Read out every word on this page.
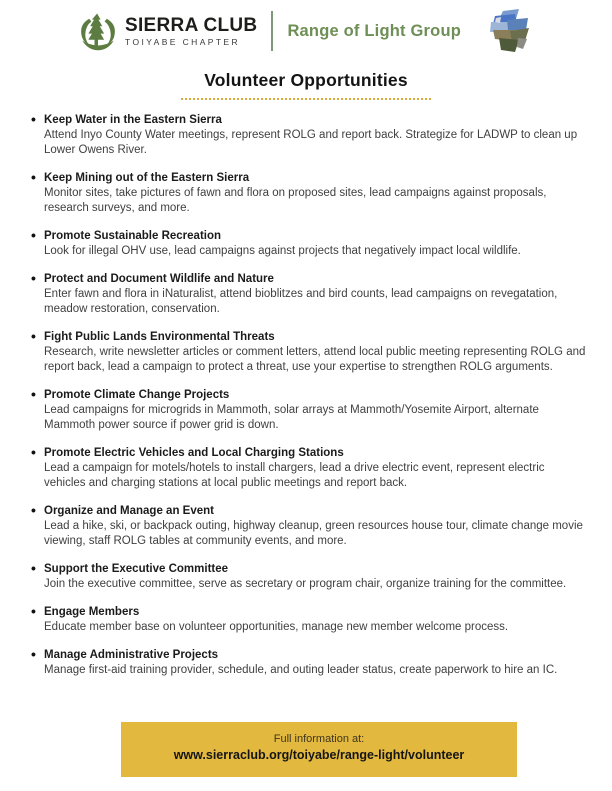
SIERRA CLUB
TOIYABE CHAPTER
Range of Light Group
Volunteer Opportunities
• Keep Water in the Eastern Sierra
Attend Inyo County Water meetings, represent ROLG and report back. Strategize for LADWP to clean up Lower Owens River.
• Keep Mining out of the Eastern Sierra
Monitor sites, take pictures of fawn and flora on proposed sites, lead campaigns against proposals, research surveys, and more.
• Promote Sustainable Recreation
Look for illegal OHV use, lead campaigns against projects that negatively impact local wildlife.
• Protect and Document Wildlife and Nature
Enter fawn and flora in iNaturalist, attend bioblitzes and bird counts, lead campaigns on revegatation, meadow restoration, conservation.
• Fight Public Lands Environmental Threats
Research, write newsletter articles or comment letters, attend local public meeting representing ROLG and report back, lead a campaign to protect a threat, use your expertise to strengthen ROLG arguments.
• Promote Climate Change Projects
Lead campaigns for microgrids in Mammoth, solar arrays at Mammoth/Yosemite Airport, alternate Mammoth power source if power grid is down.
• Promote Electric Vehicles and Local Charging Stations
Lead a campaign for motels/hotels to install chargers, lead a drive electric event, represent electric vehicles and charging stations at local public meetings and report back.
• Organize and Manage an Event
Lead a hike, ski, or backpack outing, highway cleanup, green resources house tour, climate change movie viewing, staff ROLG tables at community events, and more.
• Support the Executive Committee
Join the executive committee, serve as secretary or program chair, organize training for the committee.
• Engage Members
Educate member base on volunteer opportunities, manage new member welcome process.
• Manage Administrative Projects
Manage first-aid training provider, schedule, and outing leader status, create paperwork to hire an IC.
Full information at:
www.sierraclub.org/toiyabe/range-light/volunteer
